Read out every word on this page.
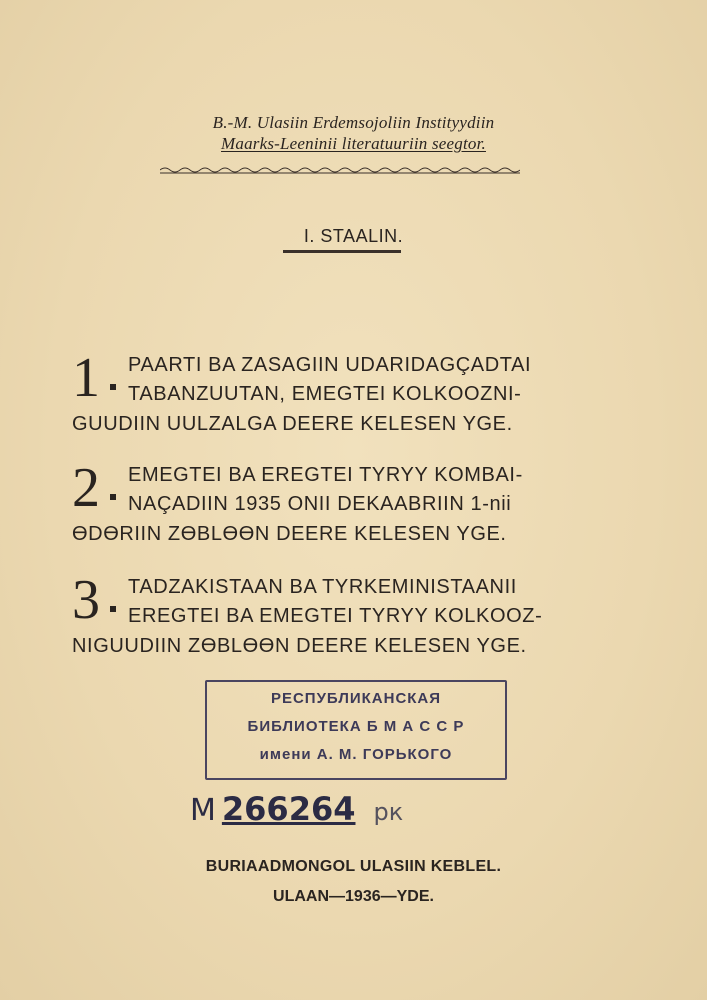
B.-M. Ulasiin Erdemsojoliin Instityydiin
Maarks-Leeninii literatuuriin seegtor.
I. STAALIN.
1 PAARTI BA ZASAGIIN UDARIDAGÇADTAI
TABANZUUTAN, EMEGTEI KOLKOOZNI-
GUUDIIN UULZALGA DEERE KELESEN YGE.
2 EMEGTEI BA EREGTEI TYRYY KOMBAI-
NAÇADIIN 1935 ONII DEKAABRIIN 1-nii
ƟDƟRIIN ZƟBLƟƟN DEERE KELESEN YGE.
3 TADZAKISTAAN BA TYRKEMINISTAANII
EREGTEI BA EMEGTEI TYRYY KOLKOOZ-
NIGUUDIIN ZƟBLƟƟN DEERE KELESEN YGE.
РЕСПУБЛИКАНСКАЯ
БИБЛИОТЕКА Б М А С С Р
имени А. М. ГОРЬКОГО
М 266264 рк
BURIAADMONGOL ULASIIN KEBLEL.
ULAAN—1936—YDE.
